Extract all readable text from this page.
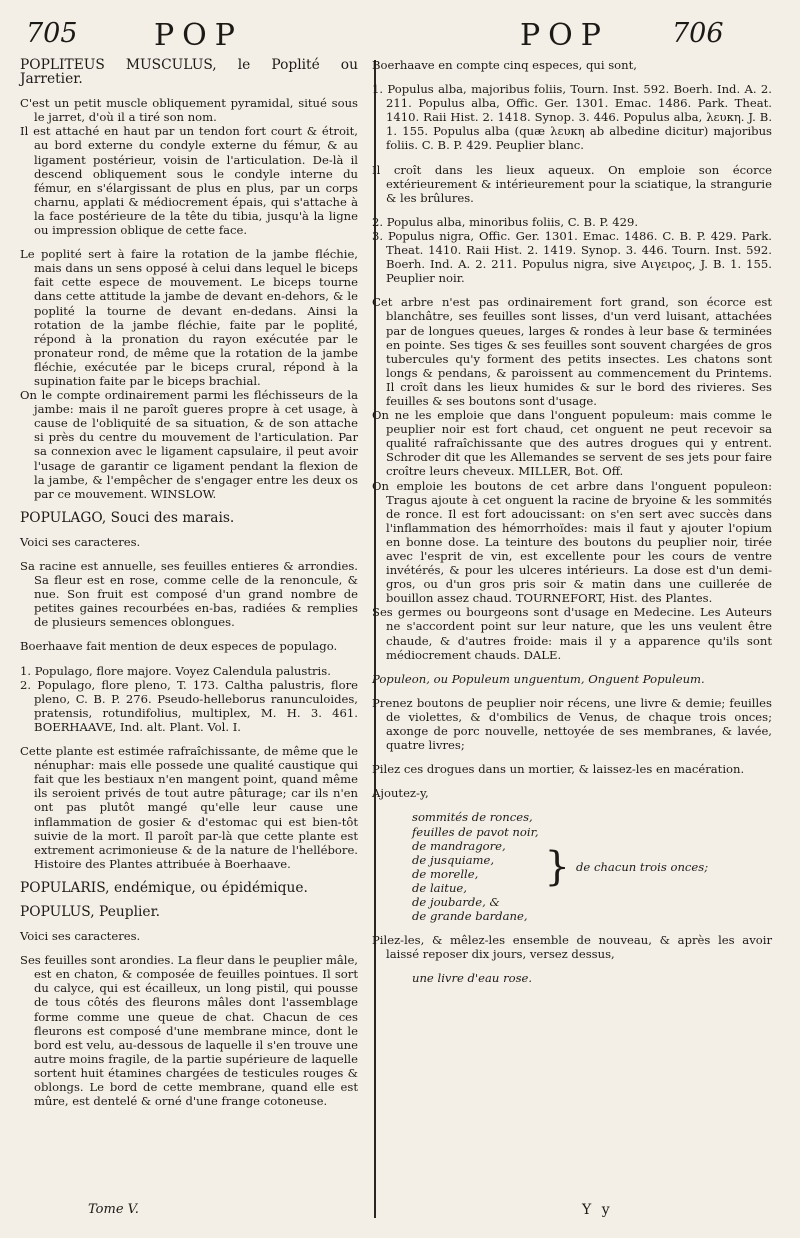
705	POP	POP 706

POPLITEUS MUSCULUS, le Poplité ou Jarretier.

C'est un petit muscle obliquement pyramidal, situé sous le jarret, d'où il a tiré son nom.

Il est attaché en haut par un tendon fort court & étroit, au bord externe du condyle externe du fémur, & au ligament postérieur, voisin de l'articulation. De-là il descend obliquement sous le condyle interne du fémur, en s'élargissant de plus en plus, par un corps charnu, applati & médiocrement épais, qui s'attache à la face postérieure de la tête du tibia, jusqu'à la ligne ou impression oblique de cette face.

Le poplité sert à faire la rotation de la jambe fléchie, mais dans un sens opposé à celui dans lequel le biceps fait cette espece de mouvement. Le biceps tourne dans cette attitude la jambe de devant en-dehors, & le poplité la tourne de devant en-dedans. Ainsi la rotation de la jambe fléchie, faite par le poplité, répond à la pronation du rayon exécutée par le pronateur rond, de même que la rotation de la jambe fléchie, exécutée par le biceps crural, répond à la supination faite par le biceps brachial.

On le compte ordinairement parmi les fléchisseurs de la jambe: mais il ne paroît gueres propre à cet usage, à cause de l'obliquité de sa situation, & de son attache si près du centre du mouvement de l'articulation. Par sa connexion avec le ligament capsulaire, il peut avoir l'usage de garantir ce ligament pendant la flexion de la jambe, & l'empêcher de s'engager entre les deux os par ce mouvement. WINSLOW.

POPULAGO, Souci des marais.

Voici ses caracteres.

Sa racine est annuelle, ses feuilles entieres & arrondies. Sa fleur est en rose, comme celle de la renoncule, & nue. Son fruit est composé d'un grand nombre de petites gaines recourbées en-bas, radiées & remplies de plusieurs semences oblongues.

Boerhaave fait mention de deux especes de populago.

1. Populago, flore majore. Voyez Calendula palustris.

2. Populago, flore pleno, T. 173. Caltha palustris, flore pleno, C. B. P. 276. Pseudo-helleborus ranunculoides, pratensis, rotundifolius, multiplex, M. H. 3. 461. BOERHAAVE, Ind. alt. Plant. Vol. I.

Cette plante est estimée rafraîchissante, de même que le nénuphar: mais elle possede une qualité caustique qui fait que les bestiaux n'en mangent point, quand même ils seroient privés de tout autre pâturage; car ils n'en ont pas plutôt mangé qu'elle leur cause une inflammation de gosier & d'estomac qui est bien-tôt suivie de la mort. Il paroît par-là que cette plante est extrement acrimonieuse & de la nature de l'hellébore. Histoire des Plantes attribuée à Boerhaave.

POPULARIS, endémique, ou épidémique.

POPULUS, Peuplier.

Voici ses caracteres.

Ses feuilles sont arondies. La fleur dans le peuplier mâle, est en chaton, & composée de feuilles pointues. Il sort du calyce, qui est écailleux, un long pistil, qui pousse de tous côtés des fleurons mâles dont l'assemblage forme comme une queue de chat. Chacun de ces fleurons est composé d'une membrane mince, dont le bord est velu, au-dessous de laquelle il s'en trouve une autre moins fragile, de la partie supérieure de laquelle sortent huit étamines chargées de testicules rouges & oblongs. Le bord de cette membrane, quand elle est mûre, est dentelé & orné d'une frange cotoneuse.

Boerhaave en compte cinq especes, qui sont,

1. Populus alba, majoribus foliis, Tourn. Inst. 592. Boerh. Ind. A. 2. 211. Populus alba, Offic. Ger. 1301. Emac. 1486. Park. Theat. 1410. Raii Hist. 2. 1418. Synop. 3. 446. Populus alba, λευκη. J. B. 1. 155. Populus alba (quæ λευκη ab albedine dicitur) majoribus foliis. C. B. P. 429. Peuplier blanc.

Il croît dans les lieux aqueux. On emploie son écorce extérieurement & intérieurement pour la sciatique, la strangurie & les brûlures.

2. Populus alba, minoribus foliis, C. B. P. 429.

3. Populus nigra, Offic. Ger. 1301. Emac. 1486. C. B. P. 429. Park. Theat. 1410. Raii Hist. 2. 1419. Synop. 3. 446. Tourn. Inst. 592. Boerh. Ind. A. 2. 211. Populus nigra, sive Αιγειρος, J. B. 1. 155. Peuplier noir.

Cet arbre n'est pas ordinairement fort grand, son écorce est blanchâtre, ses feuilles sont lisses, d'un verd luisant, attachées par de longues queues, larges & rondes à leur base & terminées en pointe. Ses tiges & ses feuilles sont souvent chargées de gros tubercules qu'y forment des petits insectes. Les chatons sont longs & pendans, & paroissent au commencement du Printems. Il croît dans les lieux humides & sur le bord des rivieres. Ses feuilles & ses boutons sont d'usage.

On ne les emploie que dans l'onguent populeum: mais comme le peuplier noir est fort chaud, cet onguent ne peut recevoir sa qualité rafraîchissante que des autres drogues qui y entrent. Schroder dit que les Allemandes se servent de ses jets pour faire croître leurs cheveux. MILLER, Bot. Off.

On emploie les boutons de cet arbre dans l'onguent populeon: Tragus ajoute à cet onguent la racine de bryoine & les sommités de ronce. Il est fort adoucissant: on s'en sert avec succès dans l'inflammation des hémorrhoïdes: mais il faut y ajouter l'opium en bonne dose. La teinture des boutons du peuplier noir, tirée avec l'esprit de vin, est excellente pour les cours de ventre invétérés, & pour les ulceres intérieurs. La dose est d'un demi-gros, ou d'un gros pris soir & matin dans une cuillerée de bouillon assez chaud. TOURNEFORT, Hist. des Plantes.

Ses germes ou bourgeons sont d'usage en Medecine. Les Auteurs ne s'accordent point sur leur nature, que les uns veulent être chaude, & d'autres froide: mais il y a apparence qu'ils sont médiocrement chauds. DALE.

Populeon, ou Populeum unguentum, Onguent Populeum.

Prenez boutons de peuplier noir récens, une livre & demie; feuilles de violettes, & d'ombilics de Venus, de chaque trois onces; axonge de porc nouvelle, nettoyée de ses membranes, & lavée, quatre livres;

Pilez ces drogues dans un mortier, & laissez-les en macération.

Ajoutez-y,

sommités de ronces,
feuilles de pavot noir,
de mandragore,
de jusquiame,
de morelle,
de laitue,
de joubarde, &
de grande bardane,
} de chacun trois onces;

Pilez-les, & mêlez-les ensemble de nouveau, & après les avoir laissé reposer dix jours, versez dessus,

une livre d'eau rose.

Tome V.	Y y
